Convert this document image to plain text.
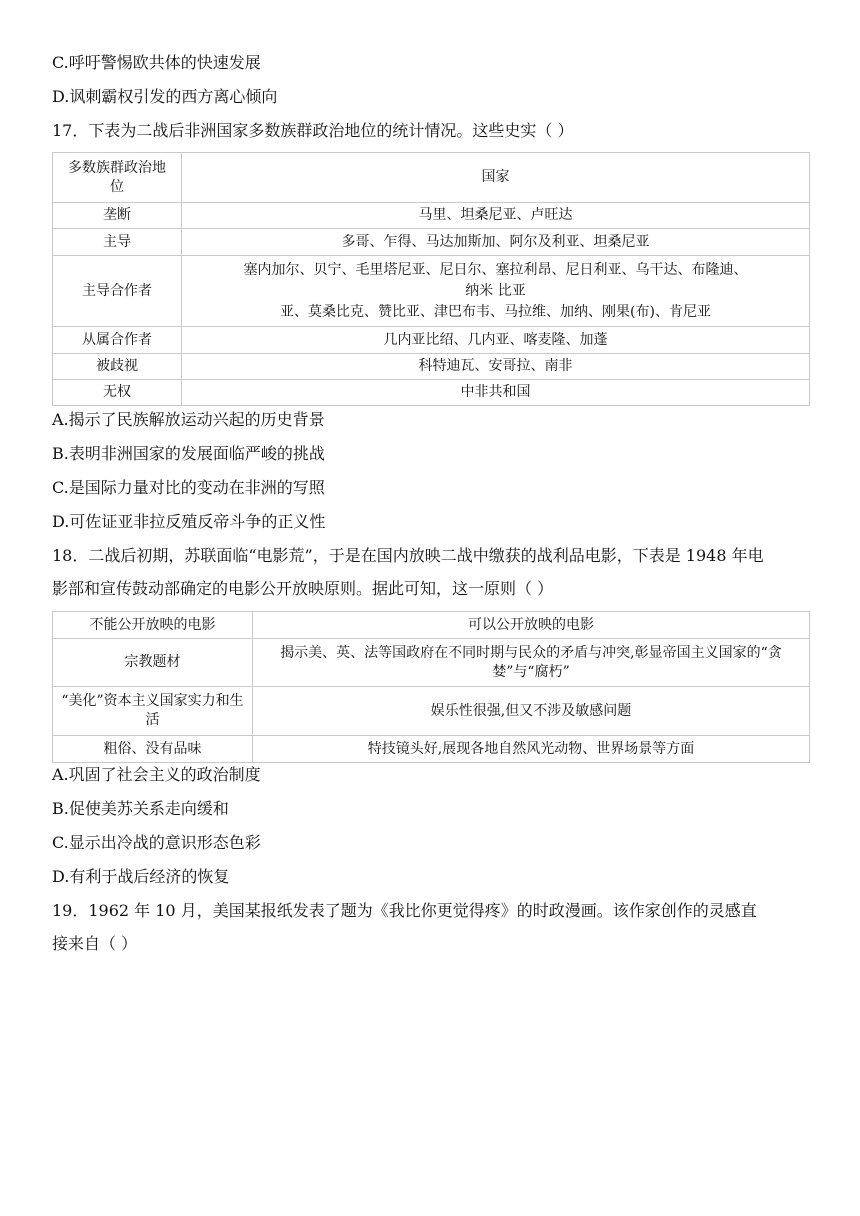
C.呼吁警惕欧共体的快速发展
D.讽刺霸权引发的西方离心倾向
17．下表为二战后非洲国家多数族群政治地位的统计情况。这些史实（ ）
多数族群政治地
位	国家
垄断	马里、坦桑尼亚、卢旺达
主导	多哥、乍得、马达加斯加、阿尔及利亚、坦桑尼亚
主导合作者	塞内加尔、贝宁、毛里塔尼亚、尼日尔、塞拉利昂、尼日利亚、乌干达、布隆迪、
纳米 比亚
亚、莫桑比克、赞比亚、津巴布韦、马拉维、加纳、刚果(布)、肯尼亚

从属合作者	几内亚比绍、几内亚、喀麦隆、加蓬
被歧视	科特迪瓦、安哥拉、南非
无权	中非共和国
A.揭示了民族解放运动兴起的历史背景
B.表明非洲国家的发展面临严峻的挑战
C.是国际力量对比的变动在非洲的写照
D.可佐证亚非拉反殖反帝斗争的正义性
18．二战后初期，苏联面临“电影荒”，于是在国内放映二战中缴获的战利品电影，下表是 1948 年电
影部和宣传鼓动部确定的电影公开放映原则。据此可知，这一原则（ ）
不能公开放映的电影	可以公开放映的电影
宗教题材	揭示美、英、法等国政府在不同时期与民众的矛盾与冲突,彰显帝国主义国家的“贪婪”与“腐朽”
“美化”资本主义国家实力和生活	娱乐性很强,但又不涉及敏感问题
粗俗、没有品味	特技镜头好,展现各地自然风光动物、世界场景等方面
A.巩固了社会主义的政治制度
B.促使美苏关系走向缓和
C.显示出冷战的意识形态色彩
D.有利于战后经济的恢复
19．1962 年 10 月，美国某报纸发表了题为《我比你更觉得疼》的时政漫画。该作家创作的灵感直
接来自（ ）
